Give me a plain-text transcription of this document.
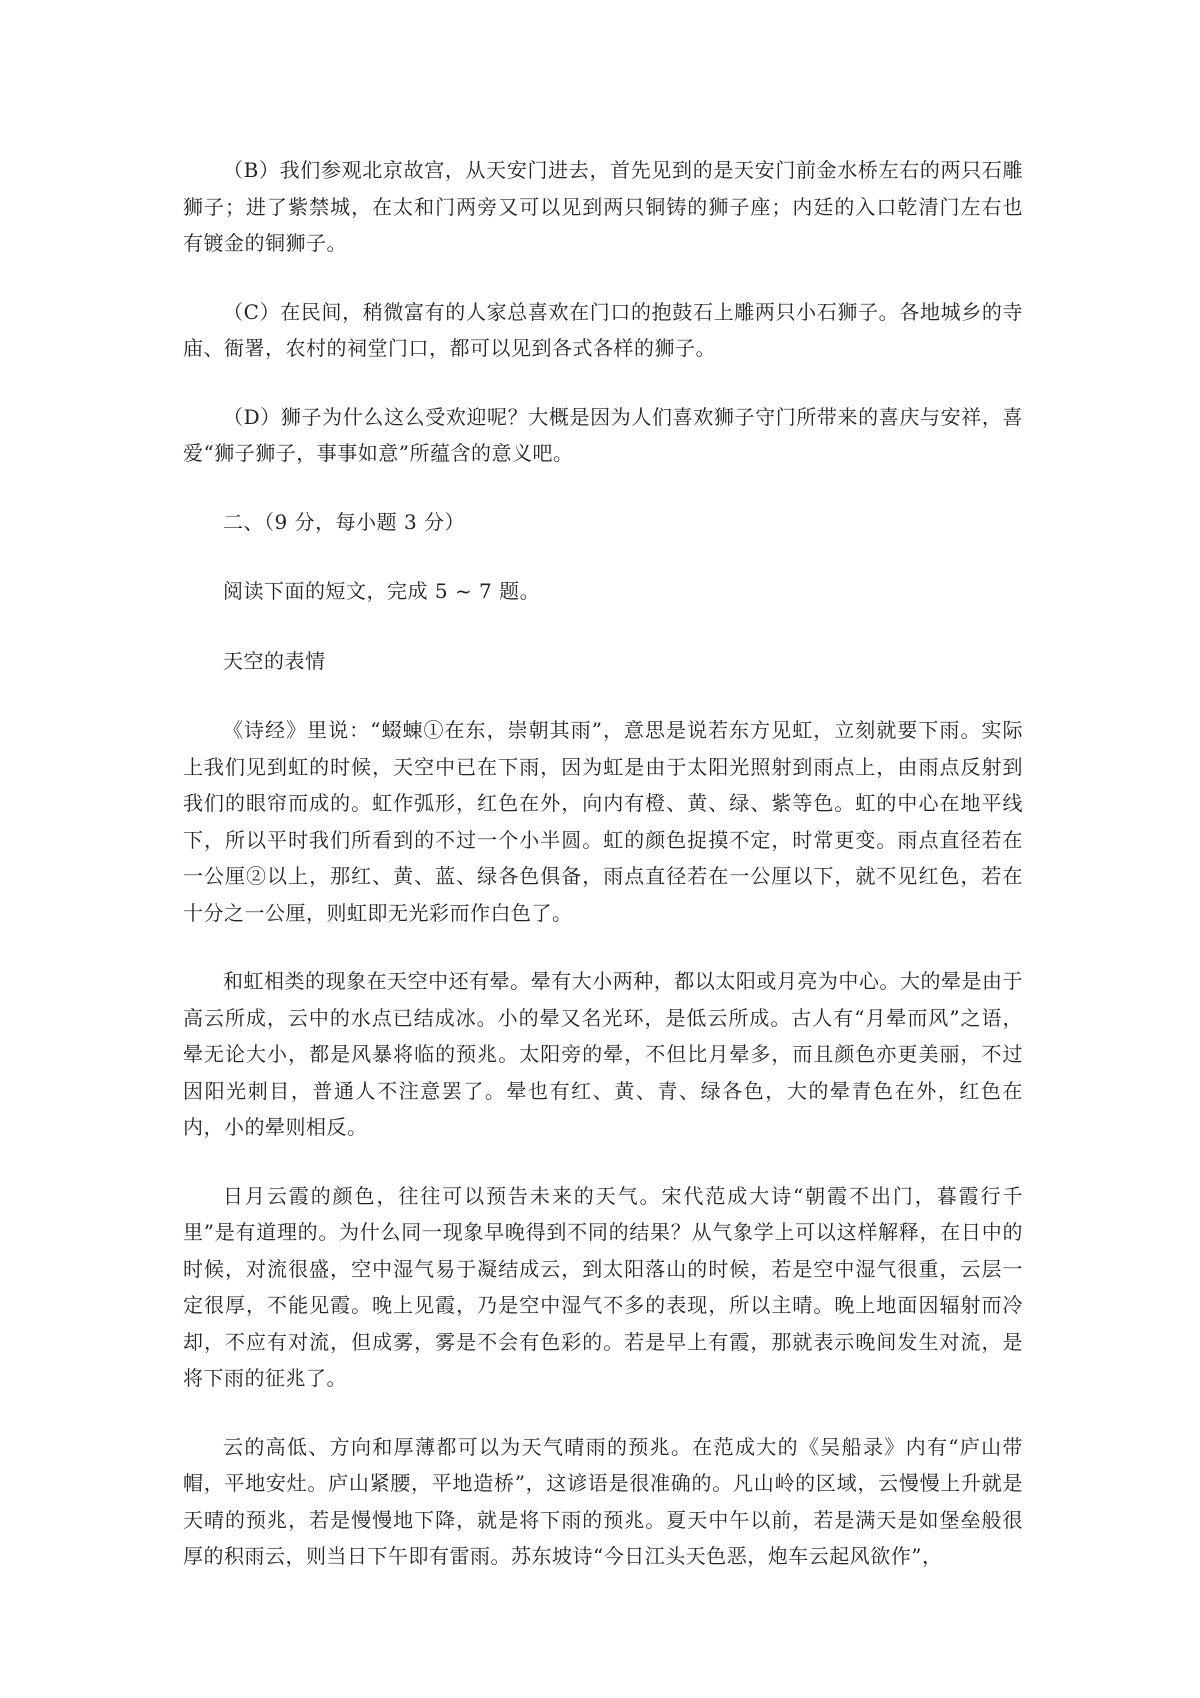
（B）我们参观北京故宫，从天安门进去，首先见到的是天安门前金水桥左右的两只石雕狮子；进了紫禁城，在太和门两旁又可以见到两只铜铸的狮子座；内廷的入口乾清门左右也有镀金的铜狮子。

（C）在民间，稍微富有的人家总喜欢在门口的抱鼓石上雕两只小石狮子。各地城乡的寺庙、衙署，农村的祠堂门口，都可以见到各式各样的狮子。

（D）狮子为什么这么受欢迎呢？大概是因为人们喜欢狮子守门所带来的喜庆与安祥，喜爱“狮子狮子，事事如意”所蕴含的意义吧。

二、（9 分，每小题 3 分）

阅读下面的短文，完成 5 ~ 7 题。

天空的表情

《诗经》里说：“蝃蝀①在东，崇朝其雨”，意思是说若东方见虹，立刻就要下雨。实际上我们见到虹的时候，天空中已在下雨，因为虹是由于太阳光照射到雨点上，由雨点反射到我们的眼帘而成的。虹作弧形，红色在外，向内有橙、黄、绿、紫等色。虹的中心在地平线下，所以平时我们所看到的不过一个小半圆。虹的颜色捉摸不定，时常更变。雨点直径若在一公厘②以上，那红、黄、蓝、绿各色俱备，雨点直径若在一公厘以下，就不见红色，若在十分之一公厘，则虹即无光彩而作白色了。

和虹相类的现象在天空中还有晕。晕有大小两种，都以太阳或月亮为中心。大的晕是由于高云所成，云中的水点已结成冰。小的晕又名光环，是低云所成。古人有“月晕而风”之语，晕无论大小，都是风暴将临的预兆。太阳旁的晕，不但比月晕多，而且颜色亦更美丽，不过因阳光刺目，普通人不注意罢了。晕也有红、黄、青、绿各色，大的晕青色在外，红色在内，小的晕则相反。

日月云霞的颜色，往往可以预告未来的天气。宋代范成大诗“朝霞不出门，暮霞行千里”是有道理的。为什么同一现象早晚得到不同的结果？从气象学上可以这样解释，在日中的时候，对流很盛，空中湿气易于凝结成云，到太阳落山的时候，若是空中湿气很重，云层一定很厚，不能见霞。晚上见霞，乃是空中湿气不多的表现，所以主晴。晚上地面因辐射而冷却，不应有对流，但成雾，雾是不会有色彩的。若是早上有霞，那就表示晚间发生对流，是将下雨的征兆了。

云的高低、方向和厚薄都可以为天气晴雨的预兆。在范成大的《吴船录》内有“庐山带帽，平地安灶。庐山紧腰，平地造桥”，这谚语是很准确的。凡山岭的区域，云慢慢上升就是天晴的预兆，若是慢慢地下降，就是将下雨的预兆。夏天中午以前，若是满天是如堡垒般很厚的积雨云，则当日下午即有雷雨。苏东坡诗“今日江头天色恶，炮车云起风欲作”，
